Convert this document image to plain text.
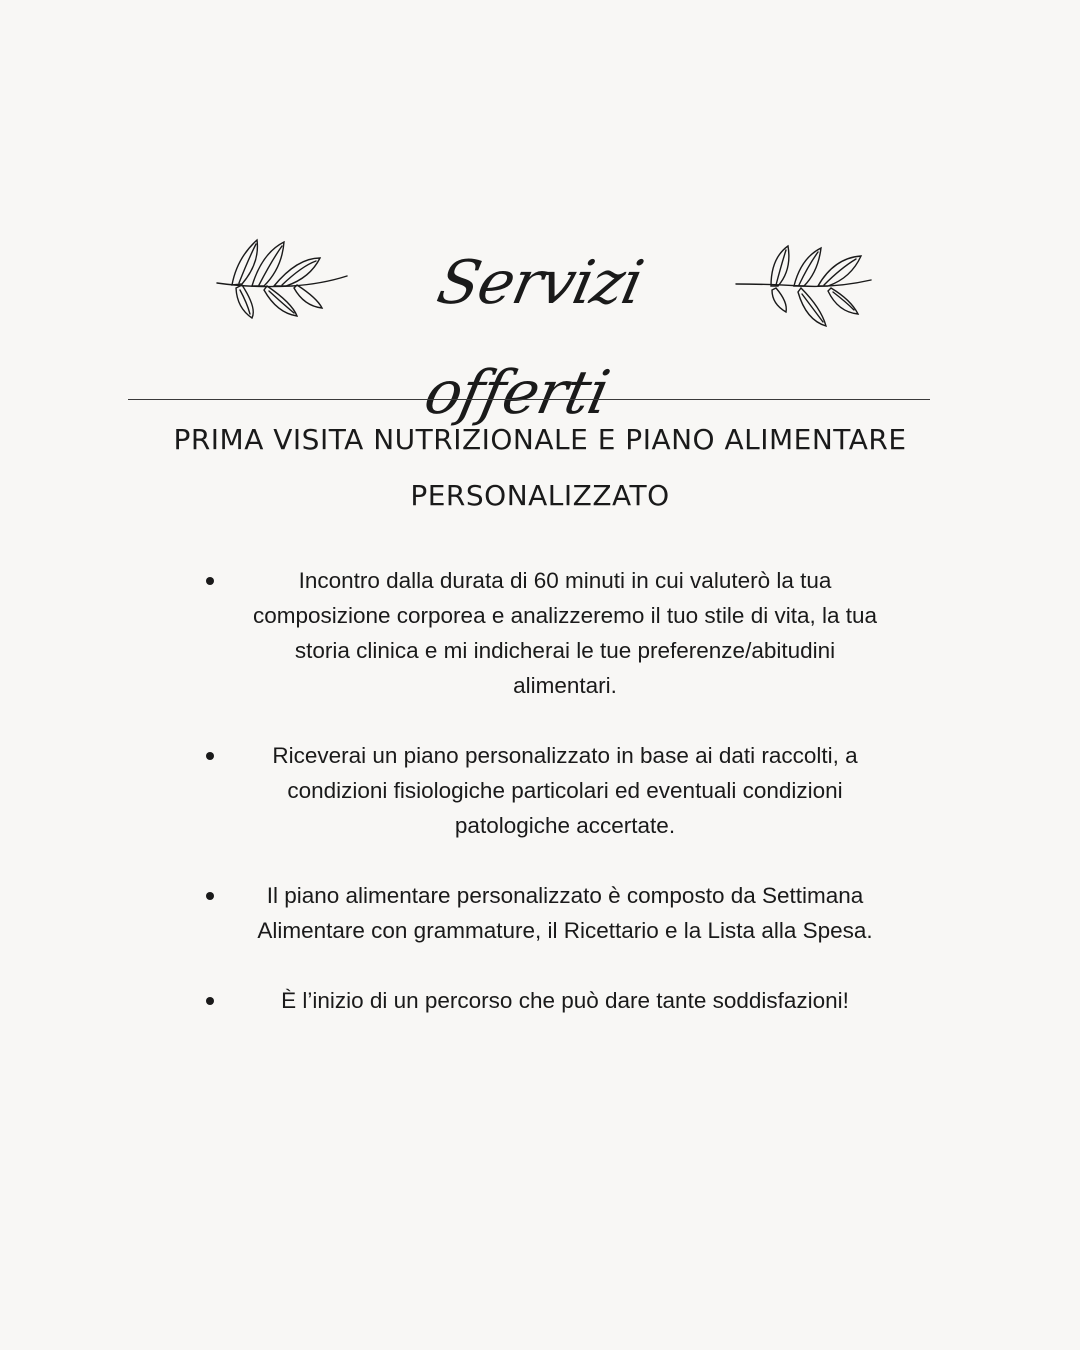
Servizi offerti
PRIMA VISITA NUTRIZIONALE E PIANO ALIMENTARE PERSONALIZZATO
Incontro dalla durata di 60 minuti in cui valuterò la tua composizione corporea e analizzeremo il tuo stile di vita, la tua storia clinica e mi indicherai le tue preferenze/abitudini alimentari.
Riceverai un piano personalizzato in base ai dati raccolti, a condizioni fisiologiche particolari ed eventuali condizioni patologiche accertate.
Il piano alimentare personalizzato è composto da Settimana Alimentare con grammature, il Ricettario e la Lista alla Spesa.
È l’inizio di un percorso che può dare tante soddisfazioni!
